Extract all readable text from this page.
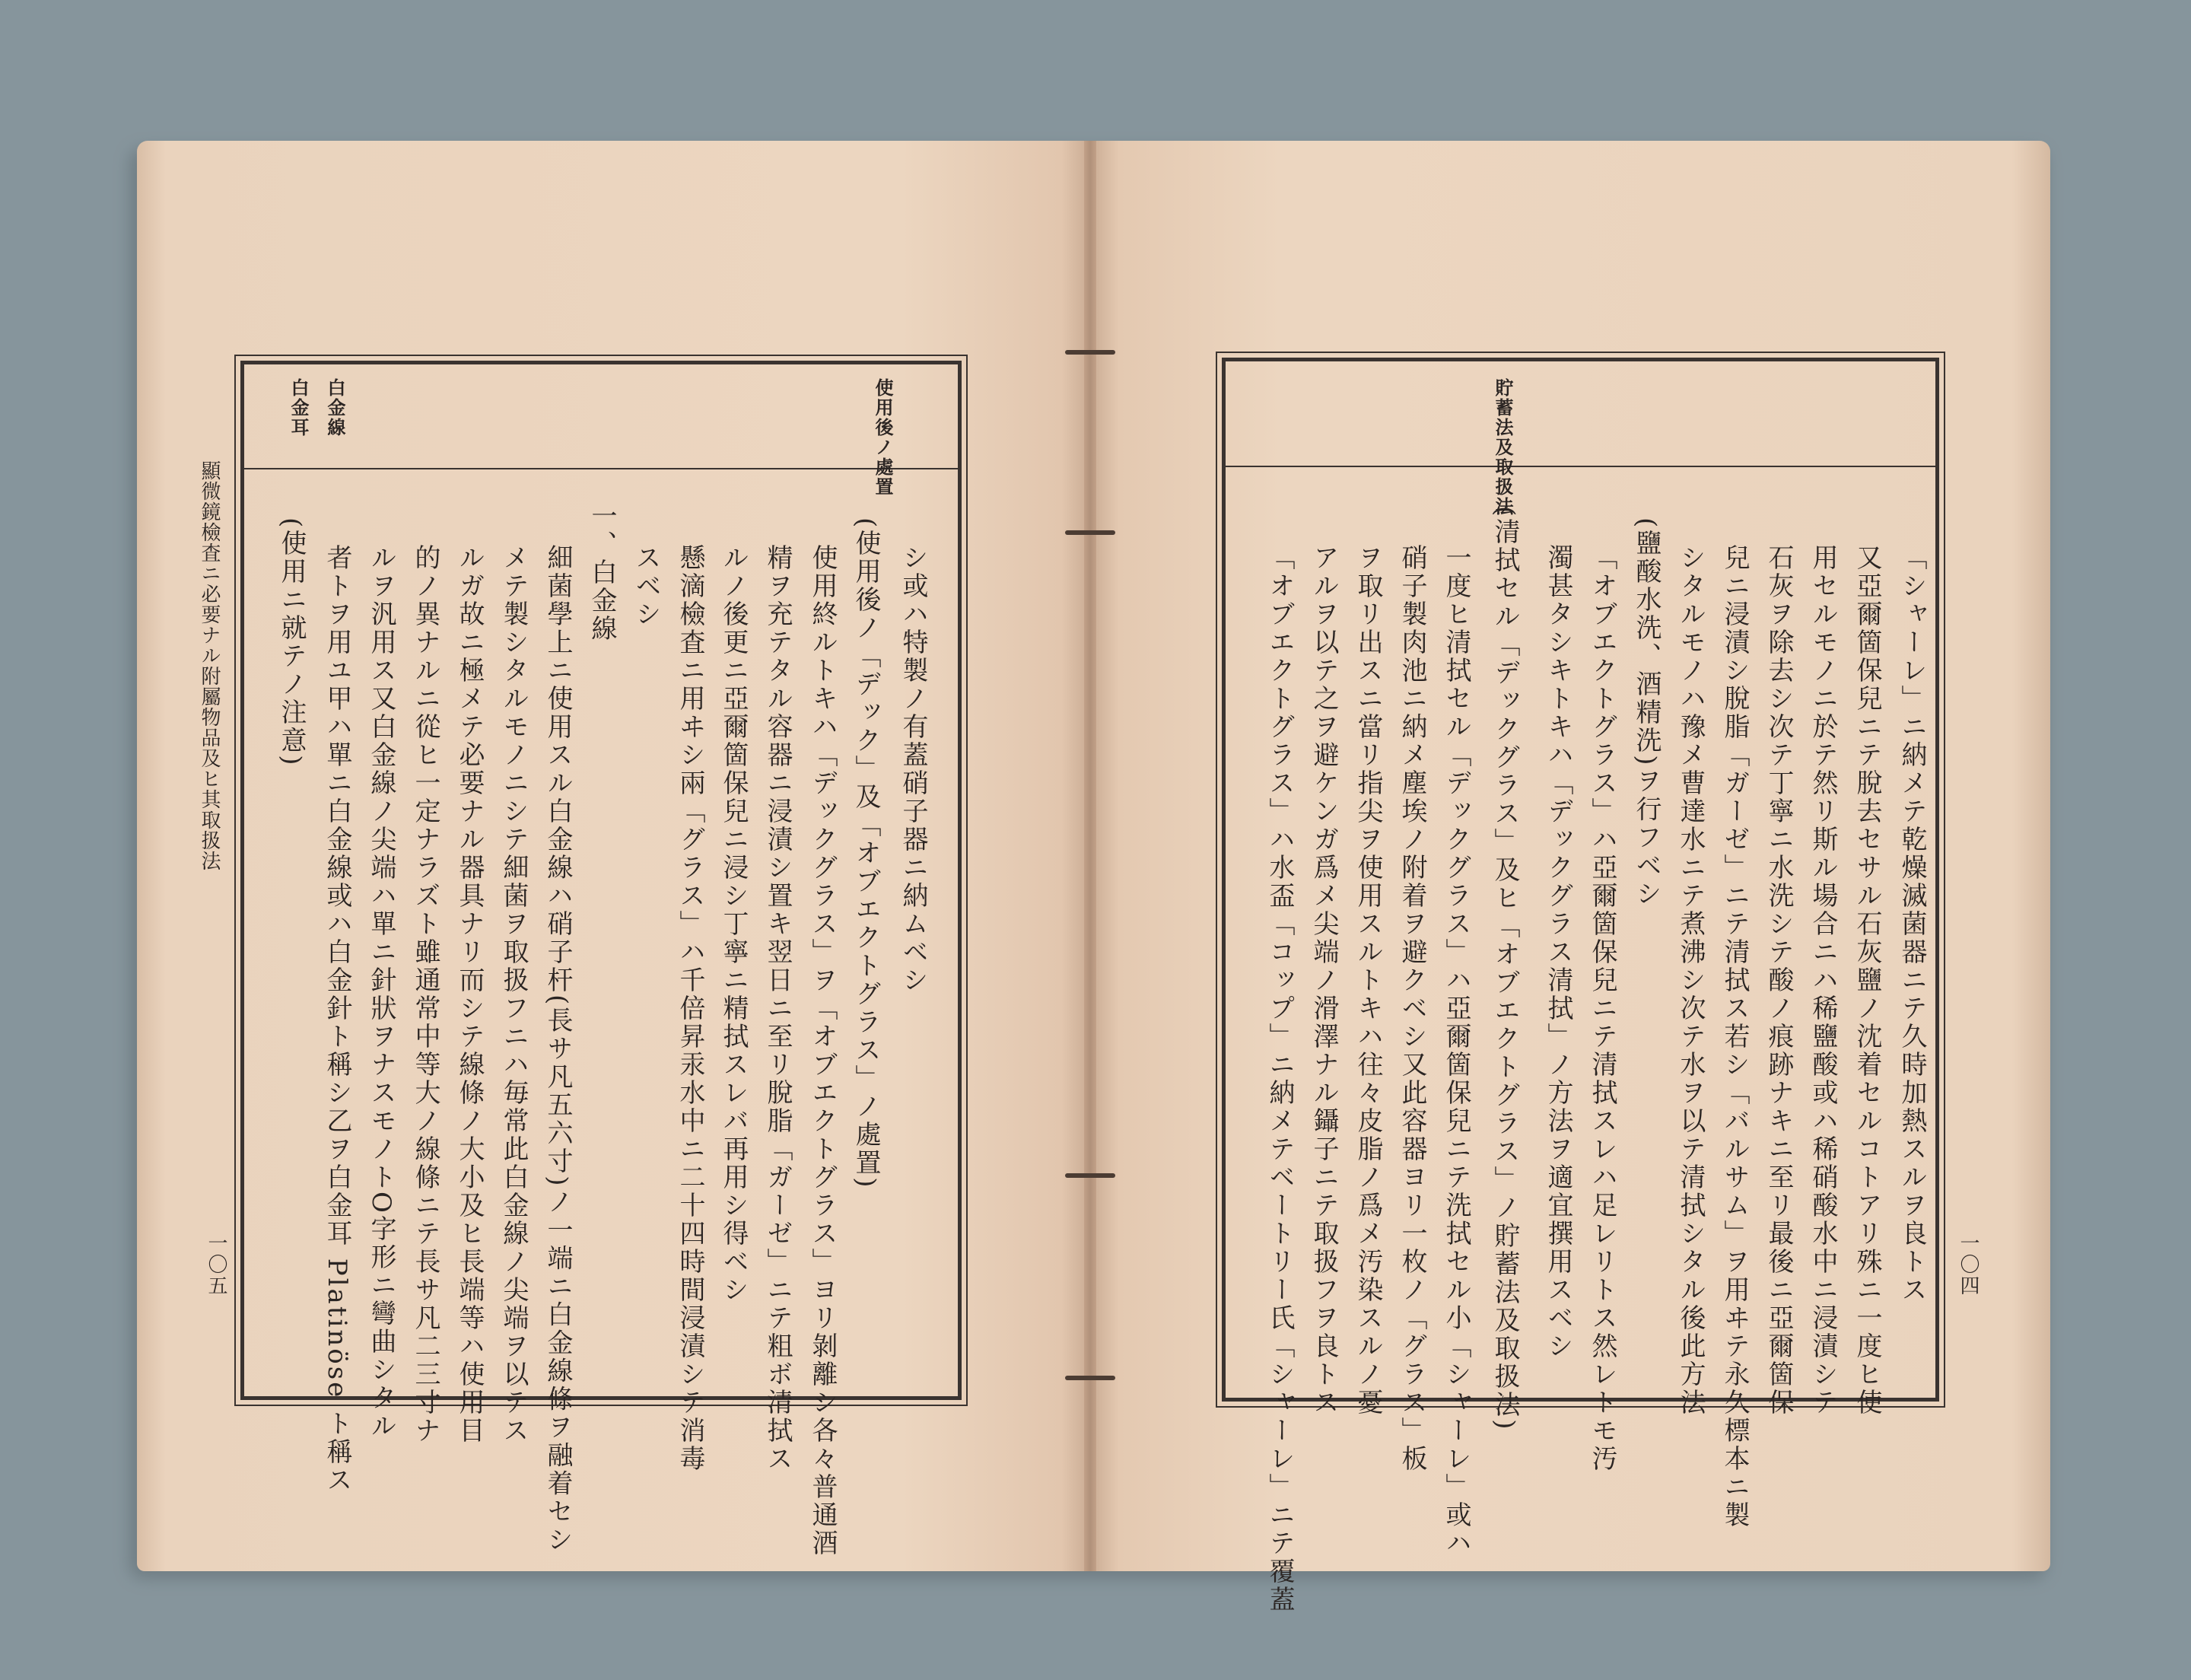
顯微鏡檢査ニ必要ナル附屬物品及ヒ其取扱法
一〇五
使用後ノ處置
白金線
白金耳
シ或ハ特製ノ有蓋硝子器ニ納ムベシ
(使用後ノ「デック」及「オブエクトグラス」ノ處置)
使用終ルトキハ「デックグラス」ヲ「オブエクトグラス」ヨリ剝離シ各々普通酒
精ヲ充テタル容器ニ浸漬シ置キ翌日ニ至リ脫脂「ガーゼ」ニテ粗ボ清拭ス
ルノ後更ニ亞爾箇保兒ニ浸シ丁寧ニ精拭スレバ再用シ得ベシ
懸滴檢査ニ用ヰシ兩「グラス」ハ千倍昇汞水中ニ二十四時間浸漬シテ消毒
スベシ
一、白金線
細菌學上ニ使用スル白金線ハ硝子杆(長サ凡五六寸)ノ一端ニ白金線條ヲ融着セシ
メテ製シタルモノニシテ細菌ヲ取扱フニハ毎常此白金線ノ尖端ヲ以テス
ルガ故ニ極メテ必要ナル器具ナリ而シテ線條ノ大小及ヒ長端等ハ使用目
的ノ異ナルニ從ヒ一定ナラズト雖通常中等大ノ線條ニテ長サ凡二三寸ナ
ルヲ汎用ス又白金線ノ尖端ハ單ニ針狀ヲナスモノトO字形ニ彎曲シタル
者トヲ用ユ甲ハ單ニ白金線或ハ白金針ト稱シ乙ヲ白金耳 Platinöse ト稱ス
(使用ニ就テノ注意)
一〇四
貯蓄法及取扱法
「シャーレ」ニ納メテ乾燥滅菌器ニテ久時加熱スルヲ良トス
又亞爾箇保兒ニテ脫去セサル石灰鹽ノ沈着セルコトアリ殊ニ一度ヒ使
用セルモノニ於テ然リ斯ル場合ニハ稀鹽酸或ハ稀硝酸水中ニ浸漬シテ
石灰ヲ除去シ次テ丁寧ニ水洗シテ酸ノ痕跡ナキニ至リ最後ニ亞爾箇保
兒ニ浸漬シ脫脂「ガーゼ」ニテ清拭ス若シ「バルサム」ヲ用ヰテ永久標本ニ製
シタルモノハ豫メ曹達水ニテ煮沸シ次テ水ヲ以テ清拭シタル後此方法
(鹽酸水洗、酒精洗)ヲ行フベシ
「オブエクトグラス」ハ亞爾箇保兒ニテ清拭スレハ足レリトス然レトモ汚
濁甚タシキトキハ「デックグラス清拭」ノ方法ヲ適宜撰用スベシ
(清拭セル「デックグラス」及ヒ「オブエクトグラス」ノ貯蓄法及取扱法)
一度ヒ清拭セル「デックグラス」ハ亞爾箇保兒ニテ洗拭セル小「シャーレ」或ハ
硝子製肉池ニ納メ塵埃ノ附着ヲ避クベシ又此容器ヨリ一枚ノ「グラス」板
ヲ取リ出スニ當リ指尖ヲ使用スルトキハ往々皮脂ノ爲メ汚染スルノ憂
アルヲ以テ之ヲ避ケンガ爲メ尖端ノ滑澤ナル鑷子ニテ取扱フヲ良トス
「オブエクトグラス」ハ水盃「コップ」ニ納メテベートリー氏「シャーレ」ニテ覆蓋
